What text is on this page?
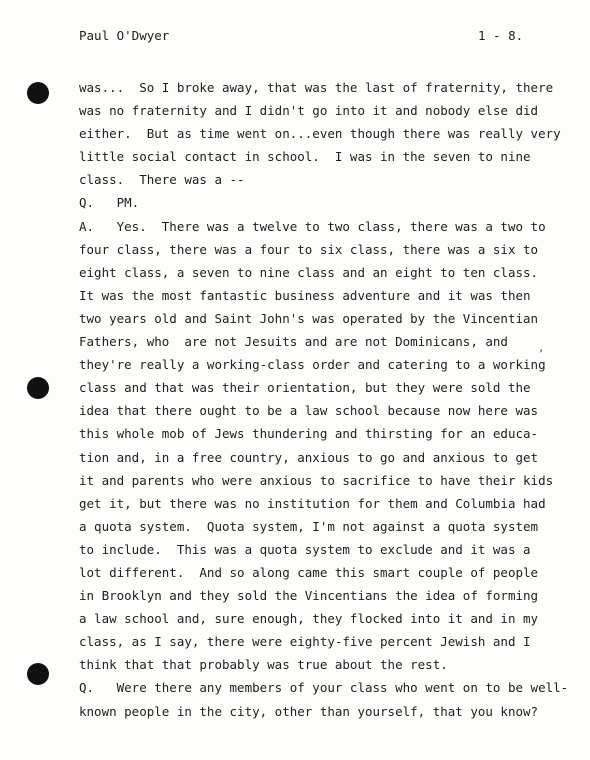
Paul O'Dwyer	1 - 8.
’
was...  So I broke away, that was the last of fraternity, there
was no fraternity and I didn't go into it and nobody else did
either.  But as time went on...even though there was really very
little social contact in school.  I was in the seven to nine
class.  There was a --
Q.   PM.
A.   Yes.  There was a twelve to two class, there was a two to
four class, there was a four to six class, there was a six to
eight class, a seven to nine class and an eight to ten class.
It was the most fantastic business adventure and it was then
two years old and Saint John's was operated by the Vincentian
Fathers, who  are not Jesuits and are not Dominicans, and
they're really a working-class order and catering to a working
class and that was their orientation, but they were sold the
idea that there ought to be a law school because now here was
this whole mob of Jews thundering and thirsting for an educa-
tion and, in a free country, anxious to go and anxious to get
it and parents who were anxious to sacrifice to have their kids
get it, but there was no institution for them and Columbia had
a quota system.  Quota system, I'm not against a quota system
to include.  This was a quota system to exclude and it was a
lot different.  And so along came this smart couple of people
in Brooklyn and they sold the Vincentians the idea of forming
a law school and, sure enough, they flocked into it and in my
class, as I say, there were eighty-five percent Jewish and I
think that that probably was true about the rest.
Q.   Were there any members of your class who went on to be well-
known people in the city, other than yourself, that you know?
